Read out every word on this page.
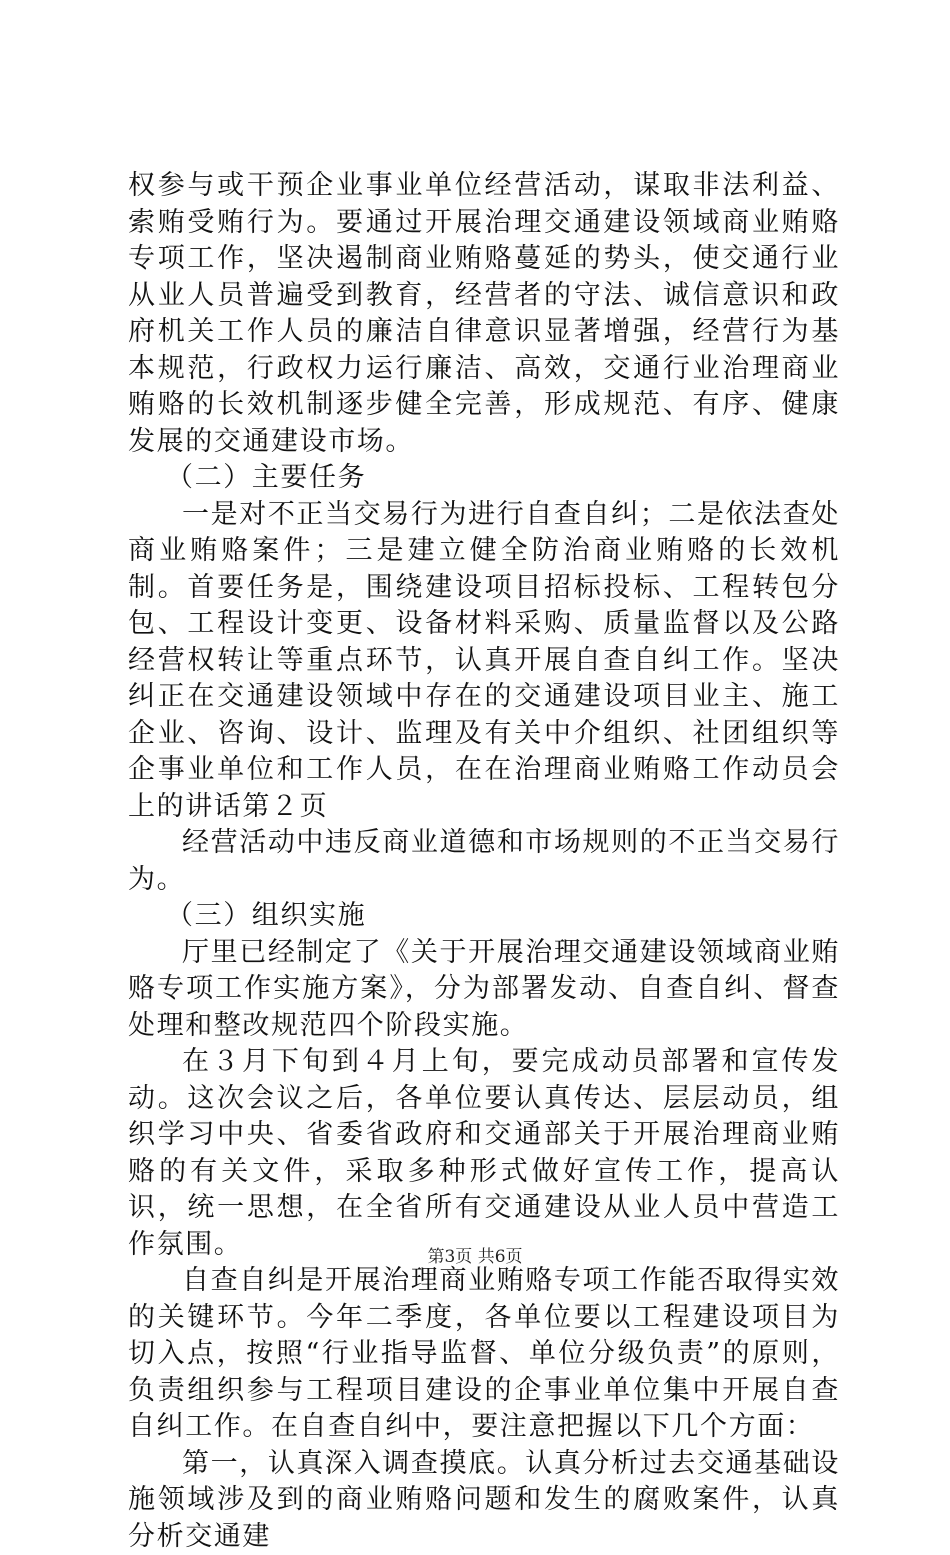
权参与或干预企业事业单位经营活动，谋取非法利益、索贿受贿行为。要通过开展治理交通建设领域商业贿赂专项工作，坚决遏制商业贿赂蔓延的势头，使交通行业从业人员普遍受到教育，经营者的守法、诚信意识和政府机关工作人员的廉洁自律意识显著增强，经营行为基本规范，行政权力运行廉洁、高效，交通行业治理商业贿赂的长效机制逐步健全完善，形成规范、有序、健康发展的交通建设市场。

（二）主要任务

一是对不正当交易行为进行自查自纠；二是依法查处商业贿赂案件；三是建立健全防治商业贿赂的长效机制。首要任务是，围绕建设项目招标投标、工程转包分包、工程设计变更、设备材料采购、质量监督以及公路经营权转让等重点环节，认真开展自查自纠工作。坚决纠正在交通建设领域中存在的交通建设项目业主、施工企业、咨询、设计、监理及有关中介组织、社团组织等企事业单位和工作人员，在在治理商业贿赂工作动员会上的讲话第２页

经营活动中违反商业道德和市场规则的不正当交易行为。

（三）组织实施

厅里已经制定了《关于开展治理交通建设领域商业贿赂专项工作实施方案》，分为部署发动、自查自纠、督查处理和整改规范四个阶段实施。

在３月下旬到４月上旬，要完成动员部署和宣传发动。这次会议之后，各单位要认真传达、层层动员，组织学习中央、省委省政府和交通部关于开展治理商业贿赂的有关文件，采取多种形式做好宣传工作，提高认识，统一思想，在全省所有交通建设从业人员中营造工作氛围。

自查自纠是开展治理商业贿赂专项工作能否取得实效的关键环节。今年二季度，各单位要以工程建设项目为切入点，按照“行业指导监督、单位分级负责”的原则，负责组织参与工程项目建设的企事业单位集中开展自查自纠工作。在自查自纠中，要注意把握以下几个方面：

第一，认真深入调查摸底。认真分析过去交通基础设施领域涉及到的商业贿赂问题和发生的腐败案件，认真分析交通建

第3页 共6页
